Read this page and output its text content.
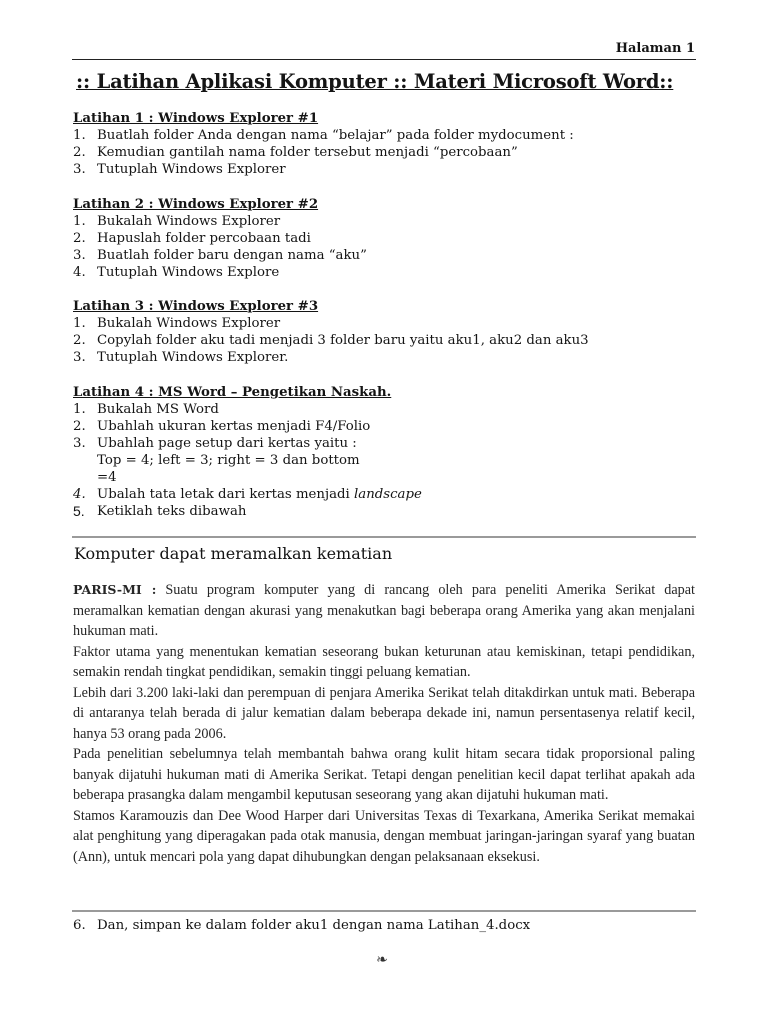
Halaman 1
:: Latihan Aplikasi Komputer :: Materi Microsoft Word::
Latihan 1 : Windows Explorer #1
1. Buatlah folder Anda dengan nama “belajar” pada folder mydocument :
2. Kemudian gantilah nama folder tersebut menjadi “percobaan”
3. Tutuplah Windows Explorer
Latihan 2 : Windows Explorer #2
1. Bukalah Windows Explorer
2. Hapuslah folder percobaan tadi
3. Buatlah folder baru dengan nama “aku”
4. Tutuplah Windows Explore
Latihan 3 : Windows Explorer #3
1. Bukalah Windows Explorer
2. Copylah folder aku tadi menjadi 3 folder baru yaitu aku1, aku2 dan aku3
3. Tutuplah Windows Explorer.
Latihan 4 : MS Word – Pengetikan Naskah.
1. Bukalah MS Word
2. Ubahlah ukuran kertas menjadi F4/Folio
3. Ubahlah page setup dari kertas yaitu :
Top = 4; left = 3; right = 3 dan bottom
=4
4. Ubalah tata letak dari kertas menjadi landscape
5. Ketiklah teks dibawah
Komputer dapat meramalkan kematian

PARIS-MI : Suatu program komputer yang di rancang oleh para peneliti Amerika Serikat dapat meramalkan kematian dengan akurasi yang menakutkan bagi beberapa orang Amerika yang akan menjalani hukuman mati.

Faktor utama yang menentukan kematian seseorang bukan keturunan atau kemiskinan, tetapi pendidikan, semakin rendah tingkat pendidikan, semakin tinggi peluang kematian.

Lebih dari 3.200 laki-laki dan perempuan di penjara Amerika Serikat telah ditakdirkan untuk mati. Beberapa di antaranya telah berada di jalur kematian dalam beberapa dekade ini, namun persentasenya relatif kecil, hanya 53 orang pada 2006.

Pada penelitian sebelumnya telah membantah bahwa orang kulit hitam secara tidak proporsional paling banyak dijatuhi hukuman mati di Amerika Serikat. Tetapi dengan penelitian kecil dapat terlihat apakah ada beberapa prasangka dalam mengambil keputusan seseorang yang akan dijatuhi hukuman mati.

Stamos Karamouzis dan Dee Wood Harper dari Universitas Texas di Texarkana, Amerika Serikat memakai alat penghitung yang diperagakan pada otak manusia, dengan membuat jaringan-jaringan syaraf yang buatan (Ann), untuk mencari pola yang dapat dihubungkan dengan pelaksanaan eksekusi.

6. Dan, simpan ke dalam folder aku1 dengan nama Latihan_4.docx
❧
